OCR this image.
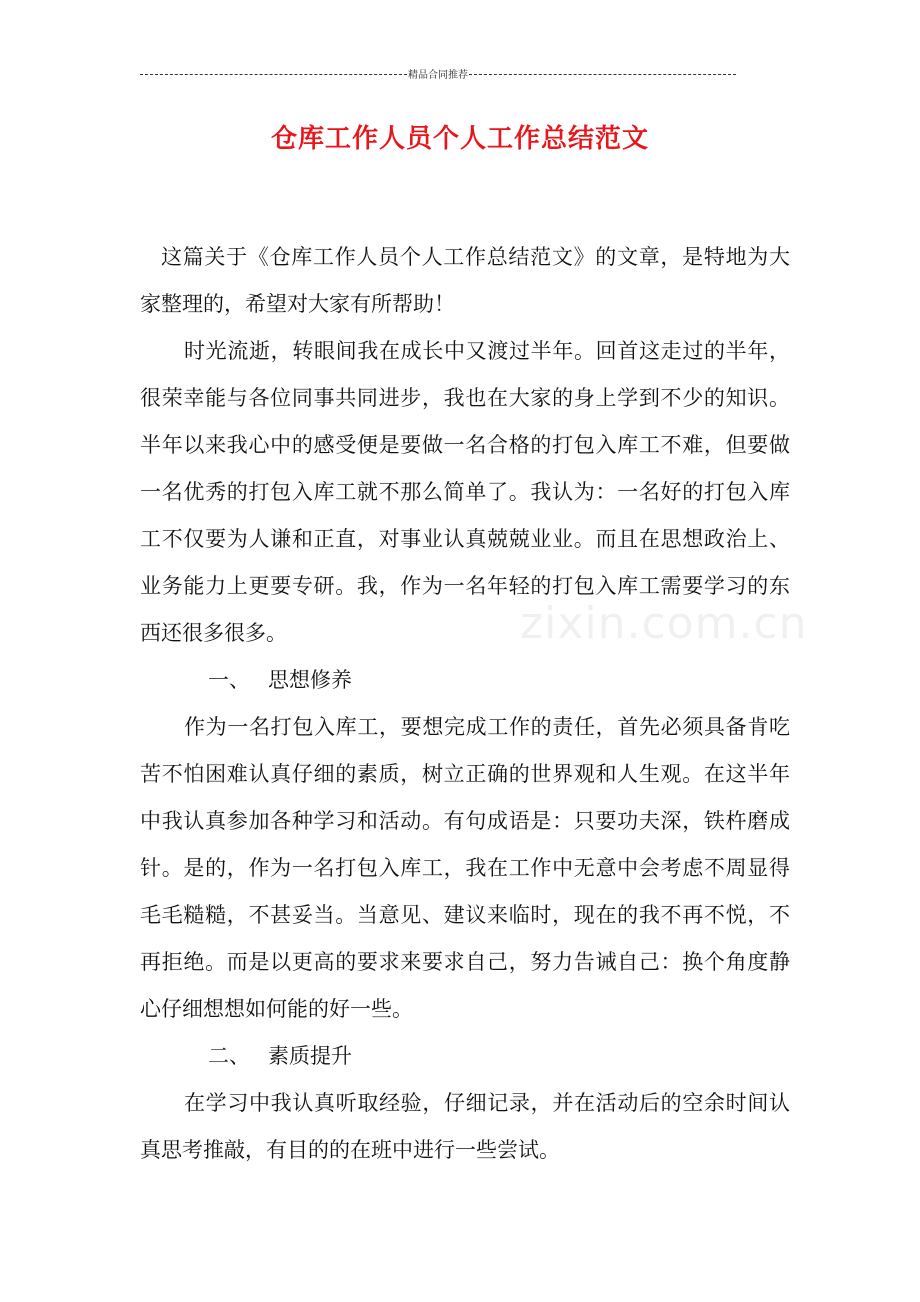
精品合同推荐
仓库工作人员个人工作总结范文
zixin.com.cn

这篇关于《仓库工作人员个人工作总结范文》的文章，是特地为大家整理的，希望对大家有所帮助！

时光流逝，转眼间我在成长中又渡过半年。回首这走过的半年，很荣幸能与各位同事共同进步，我也在大家的身上学到不少的知识。半年以来我心中的感受便是要做一名合格的打包入库工不难，但要做一名优秀的打包入库工就不那么简单了。我认为：一名好的打包入库工不仅要为人谦和正直，对事业认真兢兢业业。而且在思想政治上、业务能力上更要专研。我，作为一名年轻的打包入库工需要学习的东西还很多很多。

一、 思想修养

作为一名打包入库工，要想完成工作的责任，首先必须具备肯吃苦不怕困难认真仔细的素质，树立正确的世界观和人生观。在这半年中我认真参加各种学习和活动。有句成语是：只要功夫深，铁杵磨成针。是的，作为一名打包入库工，我在工作中无意中会考虑不周显得毛毛糙糙，不甚妥当。当意见、建议来临时，现在的我不再不悦，不再拒绝。而是以更高的要求来要求自己，努力告诫自己：换个角度静心仔细想想如何能的好一些。

二、 素质提升

在学习中我认真听取经验，仔细记录，并在活动后的空余时间认真思考推敲，有目的的在班中进行一些尝试。
